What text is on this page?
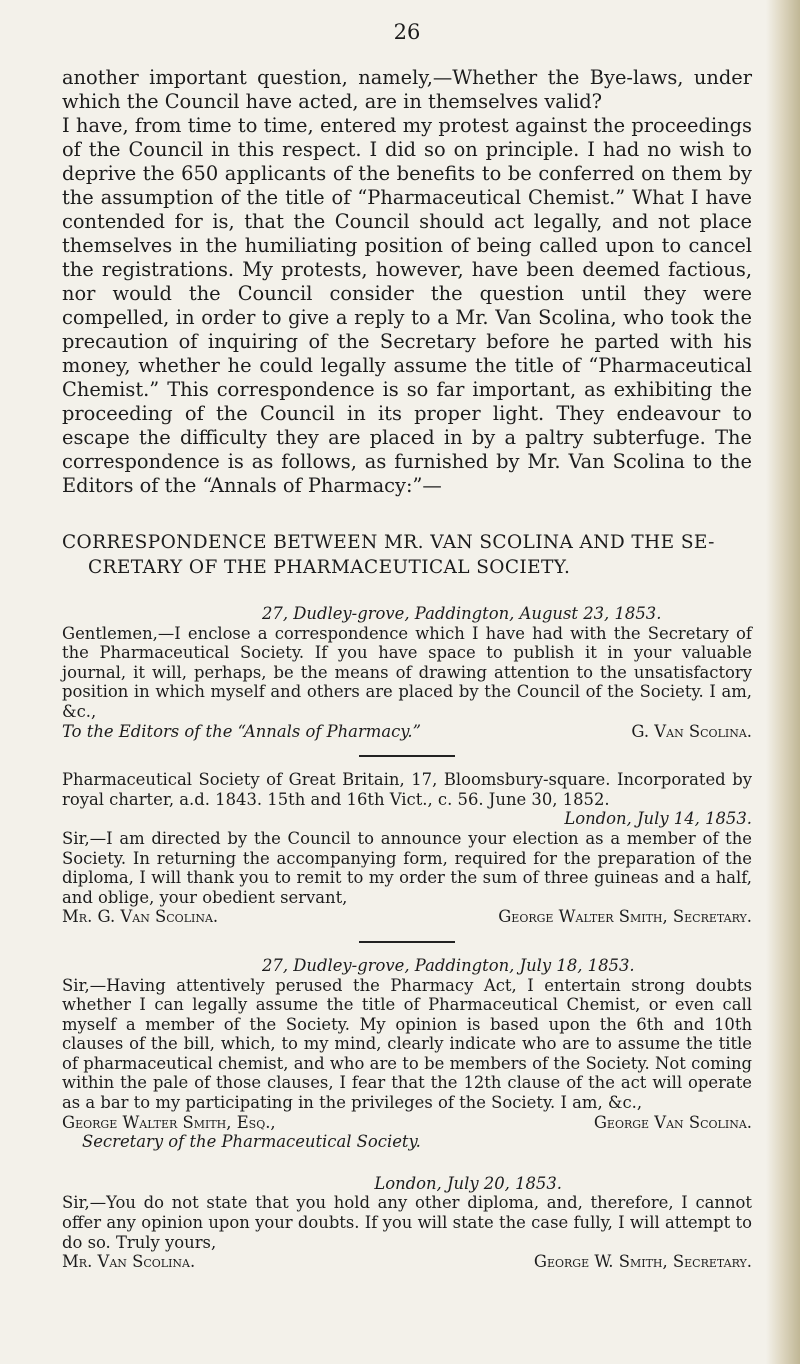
26

another important question, namely,—Whether the Bye-laws, under which the Council have acted, are in themselves valid?

I have, from time to time, entered my protest against the proceedings of the Council in this respect. I did so on principle. I had no wish to deprive the 650 applicants of the benefits to be conferred on them by the assumption of the title of “Pharmaceutical Chemist.” What I have contended for is, that the Council should act legally, and not place themselves in the humiliating position of being called upon to cancel the registrations. My protests, however, have been deemed factious, nor would the Council consider the question until they were compelled, in order to give a reply to a Mr. Van Scolina, who took the precaution of inquiring of the Secretary before he parted with his money, whether he could legally assume the title of “Pharmaceutical Chemist.” This correspondence is so far important, as exhibiting the proceeding of the Council in its proper light. They endeavour to escape the difficulty they are placed in by a paltry subterfuge. The correspondence is as follows, as furnished by Mr. Van Scolina to the Editors of the “Annals of Pharmacy:”—

CORRESPONDENCE BETWEEN MR. VAN SCOLINA AND THE SE-
CRETARY OF THE PHARMACEUTICAL SOCIETY.

27, Dudley-grove, Paddington, August 23, 1853.

Gentlemen,—I enclose a correspondence which I have had with the Secretary of the Pharmaceutical Society. If you have space to publish it in your valuable journal, it will, perhaps, be the means of drawing attention to the unsatisfactory position in which myself and others are placed by the Council of the Society. I am, &c.,

To the Editors of the “Annals of Pharmacy.”	G. Van Scolina.

Pharmaceutical Society of Great Britain, 17, Bloomsbury-square. Incorporated by royal charter, a.d. 1843. 15th and 16th Vict., c. 56. June 30, 1852.

London, July 14, 1853.

Sir,—I am directed by the Council to announce your election as a member of the Society. In returning the accompanying form, required for the preparation of the diploma, I will thank you to remit to my order the sum of three guineas and a half, and oblige, your obedient servant,

Mr. G. Van Scolina.	George Walter Smith, Secretary.

27, Dudley-grove, Paddington, July 18, 1853.

Sir,—Having attentively perused the Pharmacy Act, I entertain strong doubts whether I can legally assume the title of Pharmaceutical Chemist, or even call myself a member of the Society. My opinion is based upon the 6th and 10th clauses of the bill, which, to my mind, clearly indicate who are to assume the title of pharmaceutical chemist, and who are to be members of the Society. Not coming within the pale of those clauses, I fear that the 12th clause of the act will operate as a bar to my participating in the privileges of the Society. I am, &c.,

George Walter Smith, Esq.,	George Van Scolina.

Secretary of the Pharmaceutical Society.

London, July 20, 1853.

Sir,—You do not state that you hold any other diploma, and, therefore, I cannot offer any opinion upon your doubts. If you will state the case fully, I will attempt to do so. Truly yours,

Mr. Van Scolina.	George W. Smith, Secretary.
